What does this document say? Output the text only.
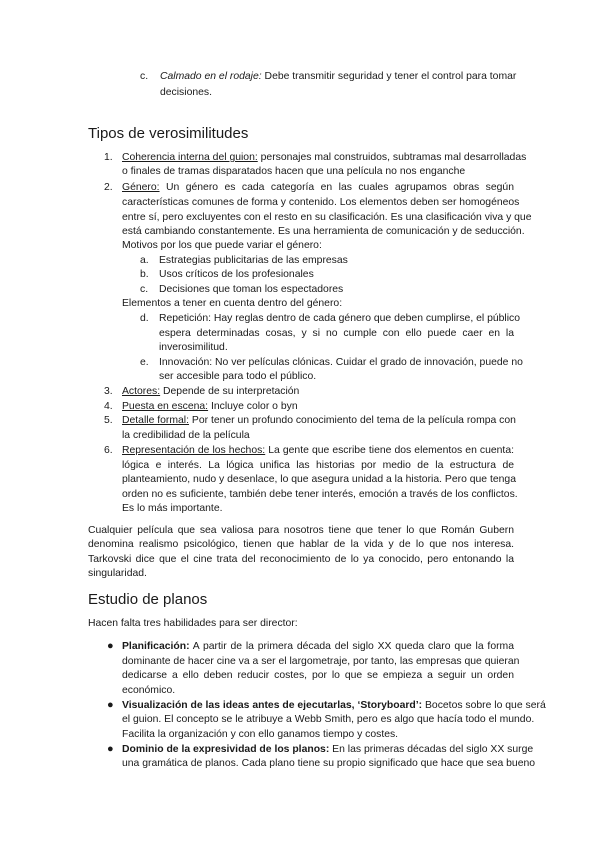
c. Calmado en el rodaje: Debe transmitir seguridad y tener el control para tomar
decisiones.
Tipos de verosimilitudes
1. Coherencia interna del guion: personajes mal construidos, subtramas mal desarrolladas
o finales de tramas disparatados hacen que una película no nos enganche
2. Género: Un género es cada categoría en las cuales agrupamos obras según
características comunes de forma y contenido. Los elementos deben ser homogéneos
entre sí, pero excluyentes con el resto en su clasificación. Es una clasificación viva y que
está cambiando constantemente. Es una herramienta de comunicación y de seducción.
Motivos por los que puede variar el género:
a. Estrategias publicitarias de las empresas
b. Usos críticos de los profesionales
c. Decisiones que toman los espectadores
Elementos a tener en cuenta dentro del género:
d. Repetición: Hay reglas dentro de cada género que deben cumplirse, el público
espera determinadas cosas, y si no cumple con ello puede caer en la
inverosimilitud.
e. Innovación: No ver películas clónicas. Cuidar el grado de innovación, puede no
ser accesible para todo el público.
3. Actores: Depende de su interpretación
4. Puesta en escena: Incluye color o byn
5. Detalle formal: Por tener un profundo conocimiento del tema de la película rompa con
la credibilidad de la película
6. Representación de los hechos: La gente que escribe tiene dos elementos en cuenta:
lógica e interés. La lógica unifica las historias por medio de la estructura de
planteamiento, nudo y desenlace, lo que asegura unidad a la historia. Pero que tenga
orden no es suficiente, también debe tener interés, emoción a través de los conflictos.
Es lo más importante.
Cualquier película que sea valiosa para nosotros tiene que tener lo que Román Gubern
denomina realismo psicológico, tienen que hablar de la vida y de lo que nos interesa.
Tarkovski dice que el cine trata del reconocimiento de lo ya conocido, pero entonando la
singularidad.
Estudio de planos
Hacen falta tres habilidades para ser director:
● Planificación: A partir de la primera década del siglo XX queda claro que la forma
dominante de hacer cine va a ser el largometraje, por tanto, las empresas que quieran
dedicarse a ello deben reducir costes, por lo que se empieza a seguir un orden
económico.
● Visualización de las ideas antes de ejecutarlas, ‘Storyboard’: Bocetos sobre lo que será
el guion. El concepto se le atribuye a Webb Smith, pero es algo que hacía todo el mundo.
Facilita la organización y con ello ganamos tiempo y costes.
● Dominio de la expresividad de los planos: En las primeras décadas del siglo XX surge
una gramática de planos. Cada plano tiene su propio significado que hace que sea bueno
